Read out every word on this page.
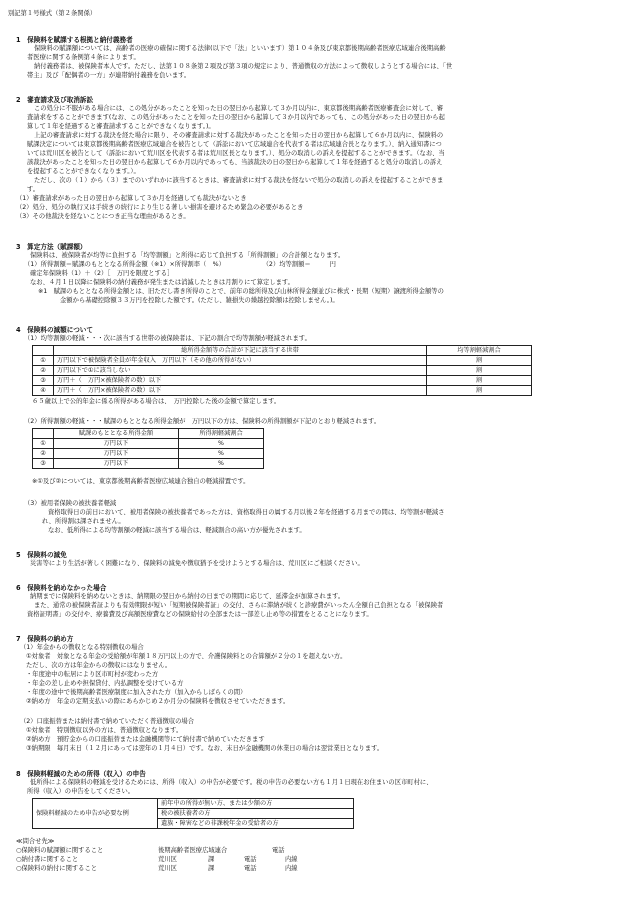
別記第１号様式（第２条関係）
1　保険料を賦課する根拠と納付義務者
保険料の賦課額については、高齢者の医療の確保に関する法律(以下で「法」といいます）第１０４条及び東京都後期高齢者医療広域連合後期高齢
者医療に関する条例第４条によります。
納付義務者は、被保険者本人です。ただし、法第１０８条第２項及び第３項の規定により、普通徴収の方法によって徴収しようとする場合には、「世
帯主」及び「配偶者の一方」が連帯納付義務を負います。
2　審査請求及び取消訴訟
この処分に不服がある場合には、この処分があったことを知った日の翌日から起算して３か月以内に、東京都後期高齢者医療審査会に対して、審
査請求をすることができます(なお、この処分があったことを知った日の翌日から起算して３か月以内であっても、この処分があった日の翌日から起
算して１年を経過すると審査請求することができなくなります。)。
上記の審査請求に対する裁決を経た場合に限り、その審査請求に対する裁決があったことを知った日の翌日から起算して６か月以内に、保険料の
賦課決定については東京都後期高齢者医療広域連合を被告として（訴訟において広域連合を代表する者は広域連合長となります。）、納入通知書につ
いては荒川区を被告として（訴訟において荒川区を代表する者は荒川区長となります。）、処分の取消しの訴えを提起することができます。（なお、当
該裁決があったことを知った日の翌日から起算して６か月以内であっても、当該裁決の日の翌日から起算して１年を経過すると処分の取消しの訴え
を提起することができなくなります。）。
ただし、次の（１）から（３）までのいずれかに該当するときは、審査請求に対する裁決を経ないで処分の取消しの訴えを提起することができま
す。
（1）審査請求があった日の翌日から起算して３か月を経過しても裁決がないとき
（2）処分、処分の執行又は手続きの続行により生じる著しい損害を避けるため緊急の必要があるとき
（3）その他裁決を経ないことにつき正当な理由があるとき。
3　算定方法（賦課額）
保険料は、被保険者が均等に負担する「均等割額」と所得に応じて負担する「所得割額」の合計額となります。
（1）所得割額＝賦課のもととなる所得金額（※1）×所得割率（　%）　　　　　　　（2）均等割額＝　　　円
確定年保険料（1）＋（2）［　万円を限度とする］
なお、４月１日以降に保険料の納付義務が発生または消滅したときは月割りにて算定します。
※1　賦課のもととなる所得金額とは、旧ただし書き所得のことで、前年の総所得及び山林所得金額並びに株式・長期（短期）譲渡所得金額等の
金額から基礎控除額３３万円を控除した額です。(ただし、雑損失の繰越控除額は控除しません。)。
4　保険料の減額について
（1）均等割額の軽減・・・次に該当する世帯の被保険者は、下記の割合で均等割額が軽減されます。
	総所得金額等の合計が下記に該当する世帯	均等割軽減割合
①	万円以下で被保険者全員が年金収入　万円以下（その他の所得がない）	割
②	万円以下で①に該当しない	割
③	万円＋（　万円×被保険者の数）以下	割
④	万円＋（　万円×被保険者の数）以下	割
６５歳以上で公的年金に係る所得がある場合は、　万円控除した後の金額で算定します。
（2）所得割額の軽減・・・賦課のもととなる所得金額が　万円以下の方は、保険料の所得割額が下記のとおり軽減されます。
	賦課のもととなる所得金額	所得割軽減割合
①	万円以下	%
②	万円以下	%
③	万円以下	%
※①及び②については、東京都後期高齢者医療広域連合独自の軽減措置です。
（3）被用者保険の被扶養者軽減
資格取得日の前日において、被用者保険の被扶養者であった方は、資格取得日の属する月以後２年を経過する月までの間は、均等割が軽減さ
れ、所得割は課されません。
なお、低所得による均等割額の軽減に該当する場合は、軽減割合の高い方が優先されます。
5　保険料の減免
災害等により生活が著しく困難になり、保険料の減免や徴収猶予を受けようとする場合は、荒川区にご相談ください。
6　保険料を納めなかった場合
納期までに保険料を納めないときは、納期限の翌日から納付の日までの期間に応じて、延滞金が加算されます。
また、通常の被保険者証よりも有効期限が短い「短期被保険者証」の交付、さらに滞納が続くと診療費がいったん全額自己負担となる「被保険者
資格証明書」の交付や、療養費及び高額医療費などの保険給付の全部または一部差し止め等の措置をとることになります。
7　保険料の納め方
（1）年金からの徴収となる特別徴収の場合
①対象者　対象となる年金の受給額が年額１８万円以上の方で、介護保険料との合算額が２分の１を超えない方。
ただし、次の方は年金からの徴収にはなりません。
・年度途中の転居により区市町村が変わった方
・年金の差し止めや担保貸付、内払調整を受けている方
・年度の途中で後期高齢者医療制度に加入された方（加入からしばらくの間）
②納め方　年金の定期支払いの際にあらかじめ２か月分の保険料を徴収させていただきます。
（2）口座振替または納付書で納めていただく普通徴収の場合
①対象者　特別徴収以外の方は、普通徴収となります。
②納め方　預貯金からの口座振替または金融機関等にて納付書で納めていただきます
③納期限　毎月末日（１２月にあっては翌年の１月４日）です。なお、末日が金融機関の休業日の場合は翌営業日となります。
8　保険料軽減のための所得（収入）の申告
低所得による保険料の軽減を受けるためには、所得（収入）の申告が必要です。税の申告の必要ない方も１月１日現在お住まいの区市町村に、
所得（収入）の申告をしてください。
保険料軽減のため申告が必要な例	前年中の所得が無い方、または少額の方
税の被扶養者の方
遺族・障害などの非課税年金の受給者の方
≪問合せ先≫
○保険料の賦課額に関すること	後期高齢者医療広域連合	電話
○納付書に関すること	荒川区	課	電話	内線
○保険料の納付に関すること	荒川区	課	電話	内線
